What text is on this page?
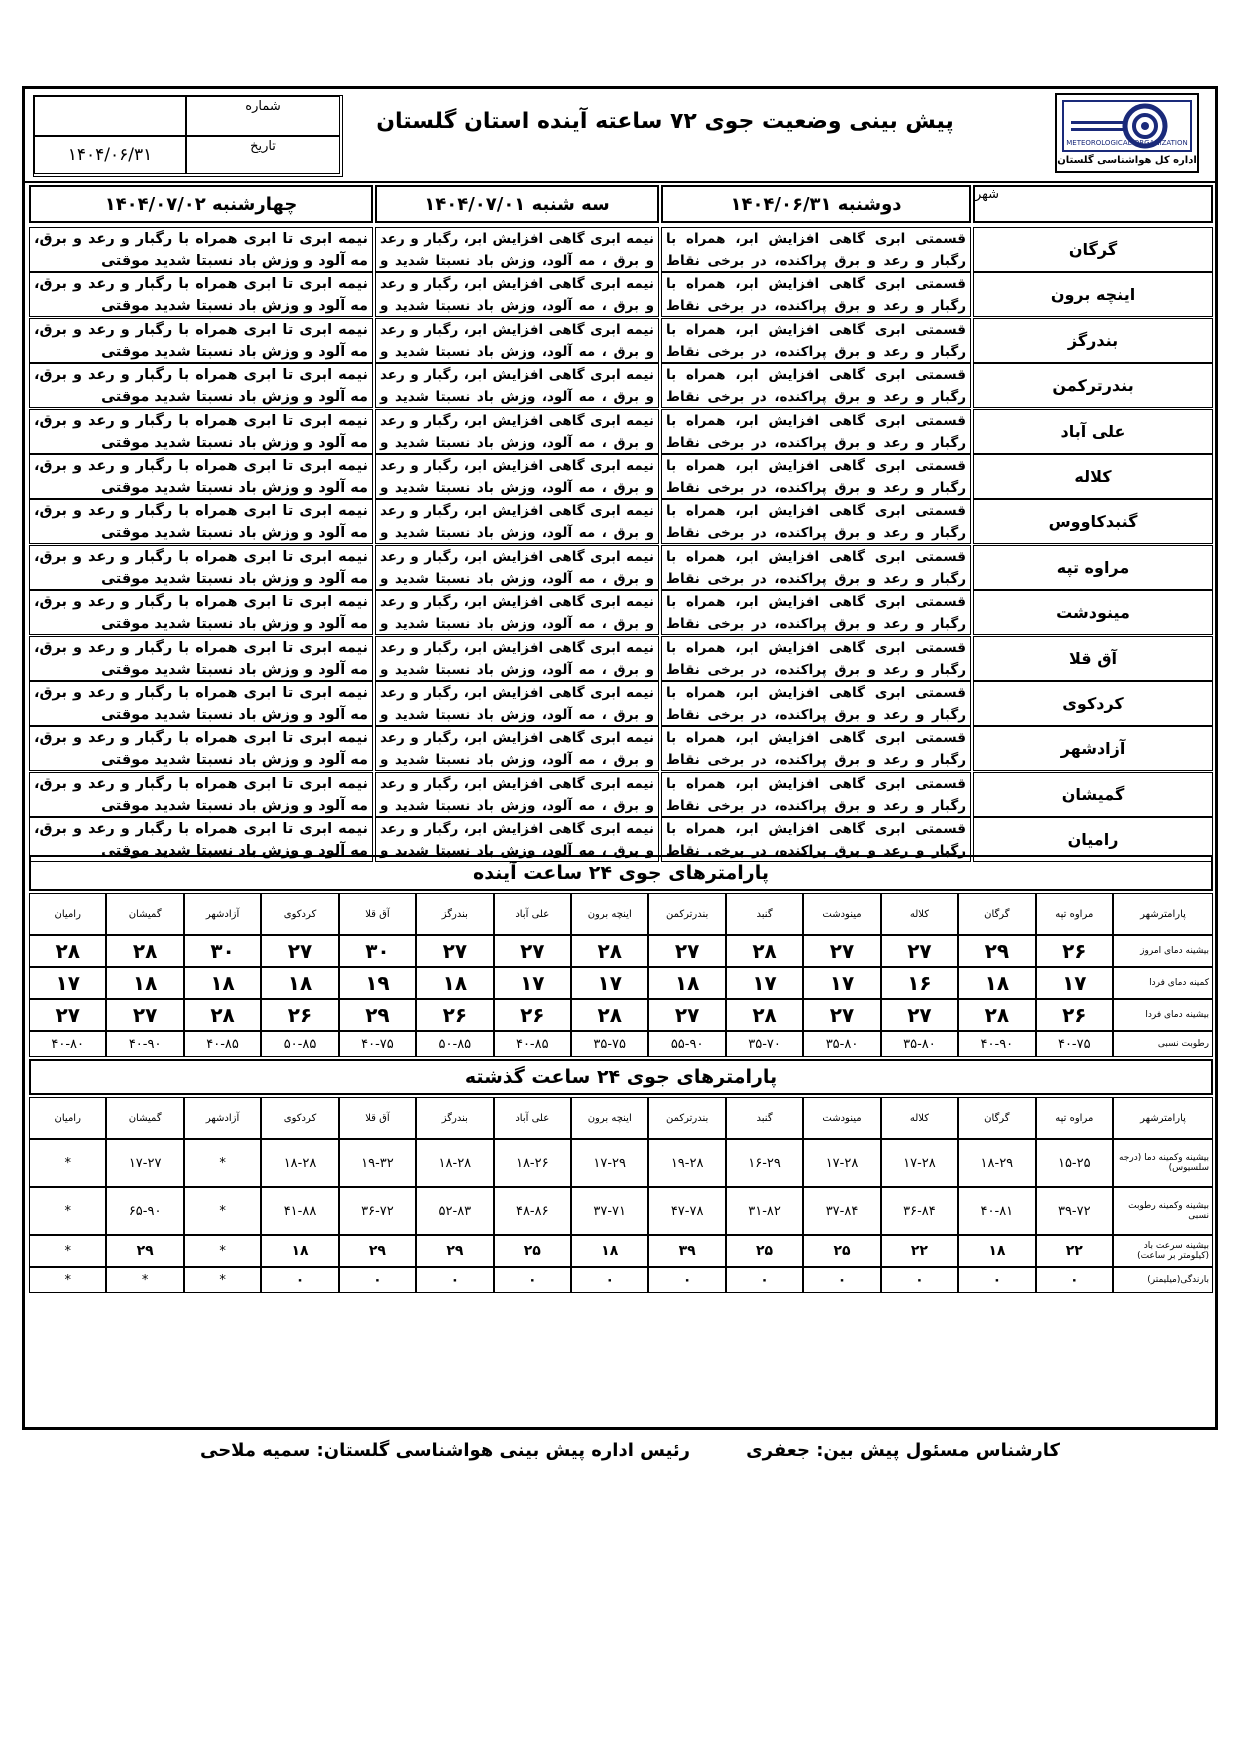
شماره
۱۴۰۴/۰۶/۳۱	تاریخ
پیش بینی وضعیت جوی ۷۲ ساعته آینده استان گلستان
METEOROLOGICAL ORGANIZATION
اداره کل هواشناسی گلستان
شهر
دوشنبه ۱۴۰۴/۰۶/۳۱
سه شنبه ۱۴۰۴/۰۷/۰۱
چهارشنبه ۱۴۰۴/۰۷/۰۲
گرگان
قسمتی ابری گاهی افزایش ابر، همراه با رگبار و رعد و برق پراکنده، در برخی نقاط
نیمه ابری گاهی افزایش ابر، رگبار و رعد و برق ، مه آلود، وزش باد نسبتا شدید و
نیمه ابری تا ابری همراه با رگبار و رعد و برق، مه آلود و وزش باد نسبتا شدید موقتی
اینچه برون
قسمتی ابری گاهی افزایش ابر، همراه با رگبار و رعد و برق پراکنده، در برخی نقاط
نیمه ابری گاهی افزایش ابر، رگبار و رعد و برق ، مه آلود، وزش باد نسبتا شدید و
نیمه ابری تا ابری همراه با رگبار و رعد و برق، مه آلود و وزش باد نسبتا شدید موقتی
بندرگز
قسمتی ابری گاهی افزایش ابر، همراه با رگبار و رعد و برق پراکنده، در برخی نقاط
نیمه ابری گاهی افزایش ابر، رگبار و رعد و برق ، مه آلود، وزش باد نسبتا شدید و
نیمه ابری تا ابری همراه با رگبار و رعد و برق، مه آلود و وزش باد نسبتا شدید موقتی
بندرترکمن
قسمتی ابری گاهی افزایش ابر، همراه با رگبار و رعد و برق پراکنده، در برخی نقاط
نیمه ابری گاهی افزایش ابر، رگبار و رعد و برق ، مه آلود، وزش باد نسبتا شدید و
نیمه ابری تا ابری همراه با رگبار و رعد و برق، مه آلود و وزش باد نسبتا شدید موقتی
علی آباد
قسمتی ابری گاهی افزایش ابر، همراه با رگبار و رعد و برق پراکنده، در برخی نقاط
نیمه ابری گاهی افزایش ابر، رگبار و رعد و برق ، مه آلود، وزش باد نسبتا شدید و
نیمه ابری تا ابری همراه با رگبار و رعد و برق، مه آلود و وزش باد نسبتا شدید موقتی
کلاله
قسمتی ابری گاهی افزایش ابر، همراه با رگبار و رعد و برق پراکنده، در برخی نقاط
نیمه ابری گاهی افزایش ابر، رگبار و رعد و برق ، مه آلود، وزش باد نسبتا شدید و
نیمه ابری تا ابری همراه با رگبار و رعد و برق، مه آلود و وزش باد نسبتا شدید موقتی
گنبدکاووس
قسمتی ابری گاهی افزایش ابر، همراه با رگبار و رعد و برق پراکنده، در برخی نقاط
نیمه ابری گاهی افزایش ابر، رگبار و رعد و برق ، مه آلود، وزش باد نسبتا شدید و
نیمه ابری تا ابری همراه با رگبار و رعد و برق، مه آلود و وزش باد نسبتا شدید موقتی
مراوه تپه
قسمتی ابری گاهی افزایش ابر، همراه با رگبار و رعد و برق پراکنده، در برخی نقاط
نیمه ابری گاهی افزایش ابر، رگبار و رعد و برق ، مه آلود، وزش باد نسبتا شدید و
نیمه ابری تا ابری همراه با رگبار و رعد و برق، مه آلود و وزش باد نسبتا شدید موقتی
مینودشت
قسمتی ابری گاهی افزایش ابر، همراه با رگبار و رعد و برق پراکنده، در برخی نقاط
نیمه ابری گاهی افزایش ابر، رگبار و رعد و برق ، مه آلود، وزش باد نسبتا شدید و
نیمه ابری تا ابری همراه با رگبار و رعد و برق، مه آلود و وزش باد نسبتا شدید موقتی
آق قلا
قسمتی ابری گاهی افزایش ابر، همراه با رگبار و رعد و برق پراکنده، در برخی نقاط
نیمه ابری گاهی افزایش ابر، رگبار و رعد و برق ، مه آلود، وزش باد نسبتا شدید و
نیمه ابری تا ابری همراه با رگبار و رعد و برق، مه آلود و وزش باد نسبتا شدید موقتی
کردکوی
قسمتی ابری گاهی افزایش ابر، همراه با رگبار و رعد و برق پراکنده، در برخی نقاط
نیمه ابری گاهی افزایش ابر، رگبار و رعد و برق ، مه آلود، وزش باد نسبتا شدید و
نیمه ابری تا ابری همراه با رگبار و رعد و برق، مه آلود و وزش باد نسبتا شدید موقتی
آزادشهر
قسمتی ابری گاهی افزایش ابر، همراه با رگبار و رعد و برق پراکنده، در برخی نقاط
نیمه ابری گاهی افزایش ابر، رگبار و رعد و برق ، مه آلود، وزش باد نسبتا شدید و
نیمه ابری تا ابری همراه با رگبار و رعد و برق، مه آلود و وزش باد نسبتا شدید موقتی
گمیشان
قسمتی ابری گاهی افزایش ابر، همراه با رگبار و رعد و برق پراکنده، در برخی نقاط
نیمه ابری گاهی افزایش ابر، رگبار و رعد و برق ، مه آلود، وزش باد نسبتا شدید و
نیمه ابری تا ابری همراه با رگبار و رعد و برق، مه آلود و وزش باد نسبتا شدید موقتی
رامیان
قسمتی ابری گاهی افزایش ابر، همراه با رگبار و رعد و برق پراکنده، در برخی نقاط
نیمه ابری گاهی افزایش ابر، رگبار و رعد و برق ، مه آلود، وزش باد نسبتا شدید و
نیمه ابری تا ابری همراه با رگبار و رعد و برق، مه آلود و وزش باد نسبتا شدید موقتی
پارامترهای جوی ۲۴ ساعت آینده
پارامترشهر
مراوه تپه
گرگان
کلاله
مینودشت
گنبد
بندرترکمن
اینچه برون
علی آباد
بندرگز
آق قلا
کردکوی
آزادشهر
گمیشان
رامیان
بیشینه دمای امروز
۲۶
۲۹
۲۷
۲۷
۲۸
۲۷
۲۸
۲۷
۲۷
۳۰
۲۷
۳۰
۲۸
۲۸
کمینه دمای فردا
۱۷
۱۸
۱۶
۱۷
۱۷
۱۸
۱۷
۱۷
۱۸
۱۹
۱۸
۱۸
۱۸
۱۷
بیشینه دمای فردا
۲۶
۲۸
۲۷
۲۷
۲۸
۲۷
۲۸
۲۶
۲۶
۲۹
۲۶
۲۸
۲۷
۲۷
رطوبت نسبی
۴۰-۷۵
۴۰-۹۰
۳۵-۸۰
۳۵-۸۰
۳۵-۷۰
۵۵-۹۰
۳۵-۷۵
۴۰-۸۵
۵۰-۸۵
۴۰-۷۵
۵۰-۸۵
۴۰-۸۵
۴۰-۹۰
۴۰-۸۰
پارامترهای جوی ۲۴ ساعت گذشته
پارامترشهر
مراوه تپه
گرگان
کلاله
مینودشت
گنبد
بندرترکمن
اینچه برون
علی آباد
بندرگز
آق قلا
کردکوی
آزادشهر
گمیشان
رامیان
بیشینه وکمینه دما (درجه سلسیوس)
۱۵-۲۵
۱۸-۲۹
۱۷-۲۸
۱۷-۲۸
۱۶-۲۹
۱۹-۲۸
۱۷-۲۹
۱۸-۲۶
۱۸-۲۸
۱۹-۳۲
۱۸-۲۸
*
۱۷-۲۷
*
بیشینه وکمینه رطوبت نسبی
۳۹-۷۲
۴۰-۸۱
۳۶-۸۴
۳۷-۸۴
۳۱-۸۲
۴۷-۷۸
۳۷-۷۱
۴۸-۸۶
۵۲-۸۳
۳۶-۷۲
۴۱-۸۸
*
۶۵-۹۰
*
بیشینه سرعت باد (کیلومتر بر ساعت)
۲۲
۱۸
۲۲
۲۵
۲۵
۳۹
۱۸
۲۵
۲۹
۲۹
۱۸
*
۲۹
*
بارندگی(میلیمتر)
۰
۰
۰
۰
۰
۰
۰
۰
۰
۰
۰
*
*
*
کارشناس مسئول پیش بین: جعفری
رئیس اداره پیش بینی هواشناسی گلستان: سمیه ملاحی
